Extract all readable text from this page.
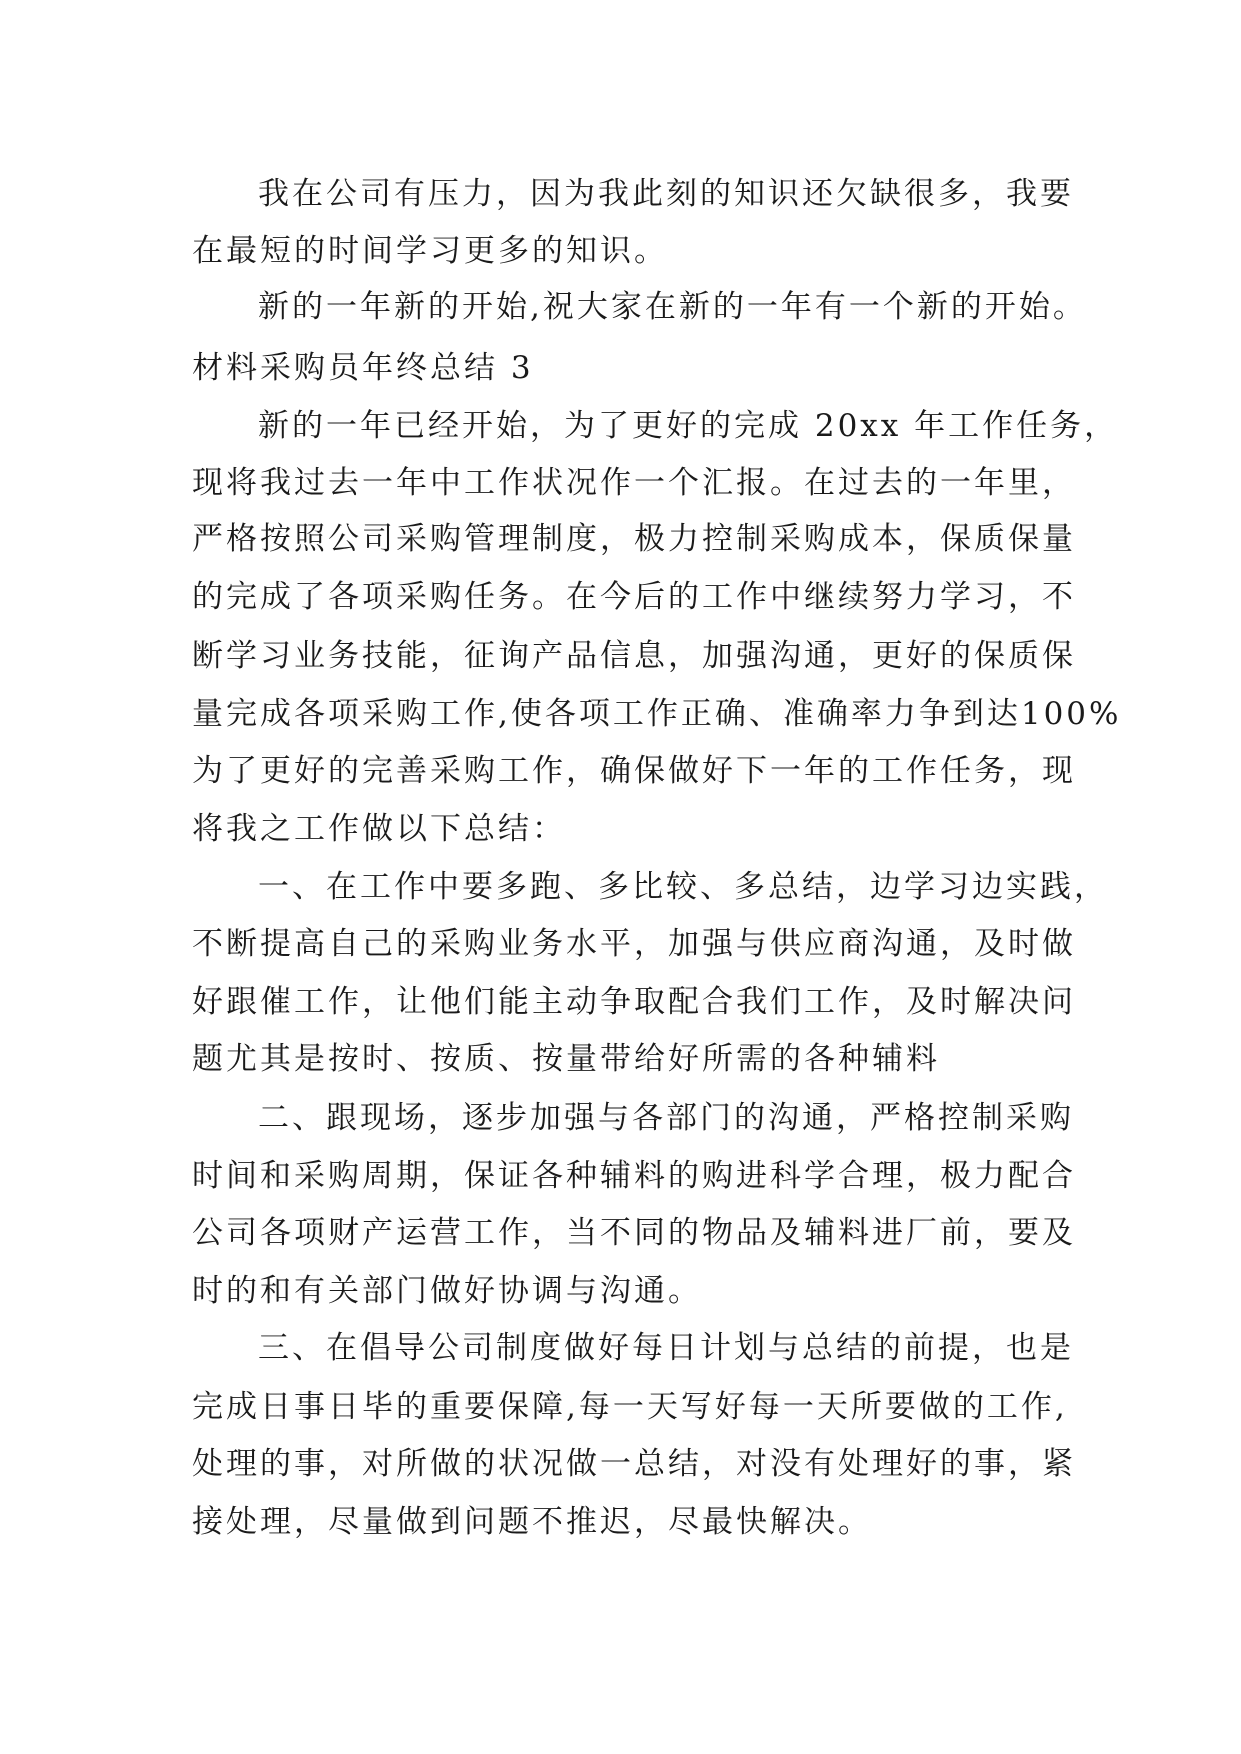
我在公司有压力，因为我此刻的知识还欠缺很多，我要
在最短的时间学习更多的知识。
新的一年新的开始,祝大家在新的一年有一个新的开始。
材料采购员年终总结 3
新的一年已经开始，为了更好的完成 20xx 年工作任务，
现将我过去一年中工作状况作一个汇报。在过去的一年里，
严格按照公司采购管理制度，极力控制采购成本，保质保量
的完成了各项采购任务。在今后的工作中继续努力学习，不
断学习业务技能，征询产品信息，加强沟通，更好的保质保
量完成各项采购工作,使各项工作正确、准确率力争到达100%
为了更好的完善采购工作，确保做好下一年的工作任务，现
将我之工作做以下总结：
一、在工作中要多跑、多比较、多总结，边学习边实践，
不断提高自己的采购业务水平，加强与供应商沟通，及时做
好跟催工作，让他们能主动争取配合我们工作，及时解决问
题尤其是按时、按质、按量带给好所需的各种辅料
二、跟现场，逐步加强与各部门的沟通，严格控制采购
时间和采购周期，保证各种辅料的购进科学合理，极力配合
公司各项财产运营工作，当不同的物品及辅料进厂前，要及
时的和有关部门做好协调与沟通。
三、在倡导公司制度做好每日计划与总结的前提，也是
完成日事日毕的重要保障,每一天写好每一天所要做的工作,
处理的事，对所做的状况做一总结，对没有处理好的事，紧
接处理，尽量做到问题不推迟，尽最快解决。
